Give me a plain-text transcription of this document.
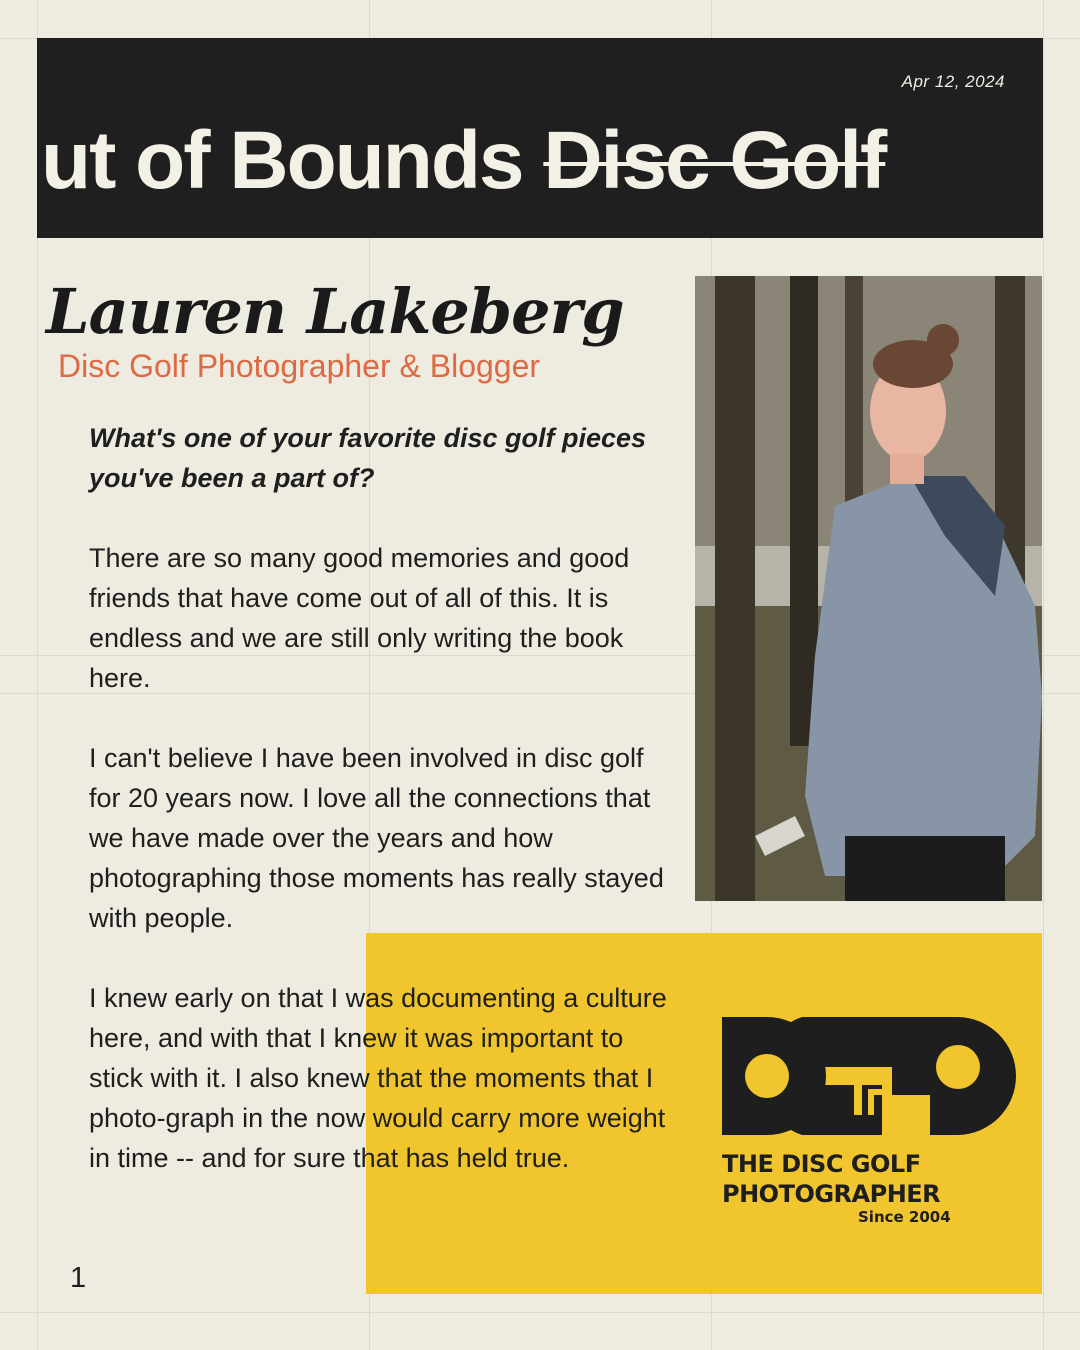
Apr 12, 2024
ut of Bounds Disc Golf
Lauren Lakeberg
Disc Golf Photographer & Blogger

What's one of your favorite disc golf pieces you've been a part of?

There are so many good memories and good friends that have come out of all of this. It is endless and we are still only writing the book here.

I can't believe I have been involved in disc golf for 20 years now. I love all the connections that we have made over the years and how photographing those moments has really stayed with people.

I knew early on that I was documenting a culture here, and with that I knew it was important to stick with it. I also knew that the moments that I photo-graph in the now would carry more weight in time -- and for sure that has held true.	THE DISC GOLF
PHOTOGRAPHER
Since 2004
1
